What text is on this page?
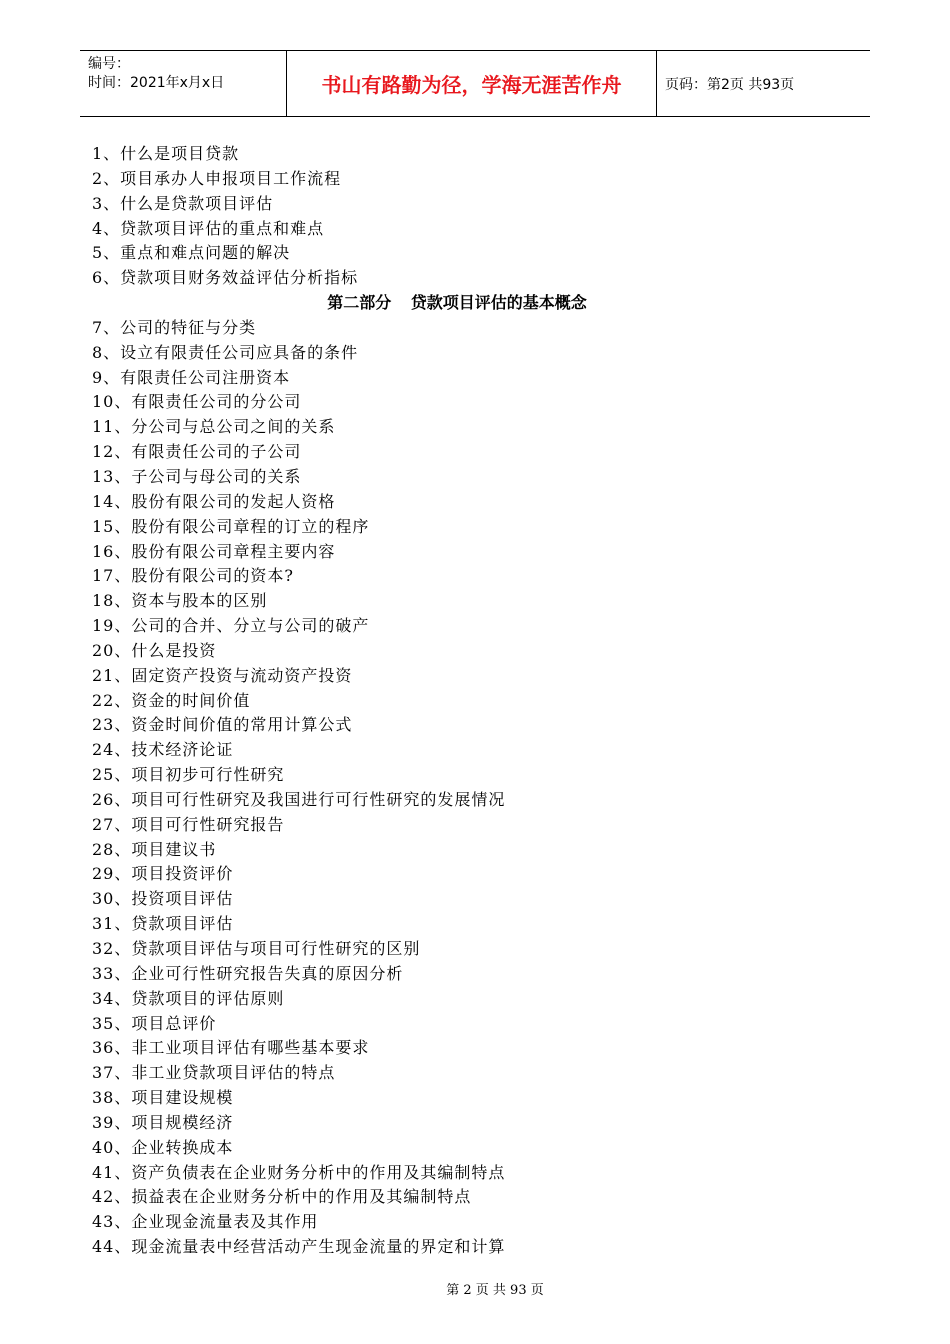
编号：
时间：2021年x月x日	书山有路勤为径，学海无涯苦作舟	页码：第2页 共93页
1、什么是项目贷款
2、项目承办人申报项目工作流程
3、什么是贷款项目评估
4、贷款项目评估的重点和难点
5、重点和难点问题的解决
6、贷款项目财务效益评估分析指标
第二部分 贷款项目评估的基本概念
7、公司的特征与分类
8、设立有限责任公司应具备的条件
9、有限责任公司注册资本
10、有限责任公司的分公司
11、分公司与总公司之间的关系
12、有限责任公司的子公司
13、子公司与母公司的关系
14、股份有限公司的发起人资格
15、股份有限公司章程的订立的程序
16、股份有限公司章程主要内容
17、股份有限公司的资本?
18、资本与股本的区别
19、公司的合并、分立与公司的破产
20、什么是投资
21、固定资产投资与流动资产投资
22、资金的时间价值
23、资金时间价值的常用计算公式
24、技术经济论证
25、项目初步可行性研究
26、项目可行性研究及我国进行可行性研究的发展情况
27、项目可行性研究报告
28、项目建议书
29、项目投资评价
30、投资项目评估
31、贷款项目评估
32、贷款项目评估与项目可行性研究的区别
33、企业可行性研究报告失真的原因分析
34、贷款项目的评估原则
35、项目总评价
36、非工业项目评估有哪些基本要求
37、非工业贷款项目评估的特点
38、项目建设规模
39、项目规模经济
40、企业转换成本
41、资产负债表在企业财务分析中的作用及其编制特点
42、损益表在企业财务分析中的作用及其编制特点
43、企业现金流量表及其作用
44、现金流量表中经营活动产生现金流量的界定和计算
第 2 页 共 93 页
